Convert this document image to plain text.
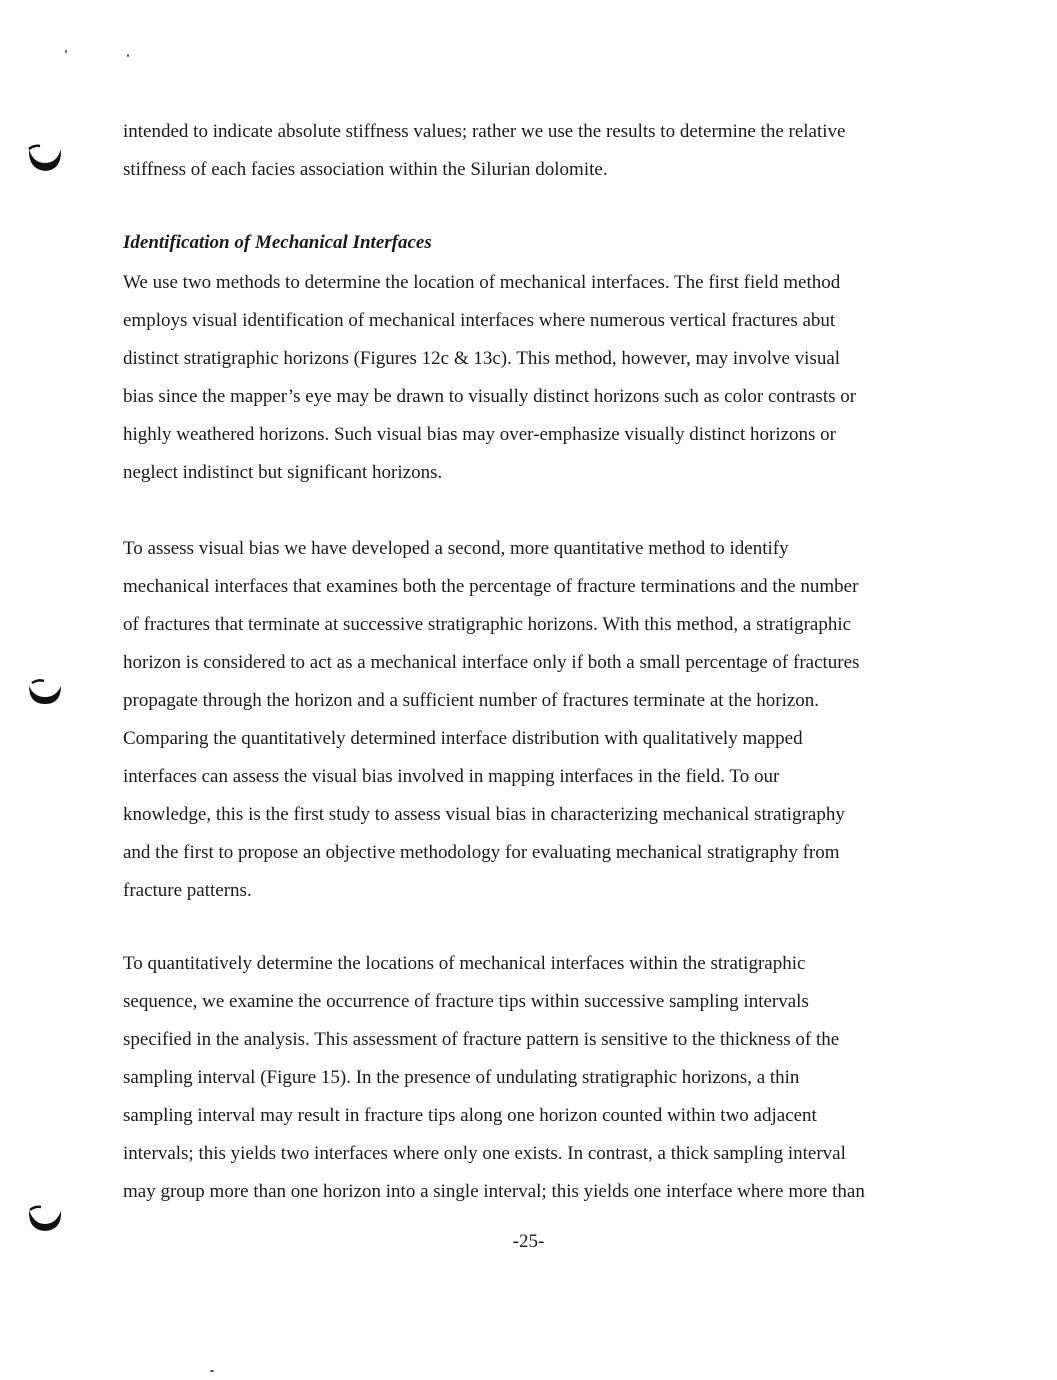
intended to indicate absolute stiffness values; rather we use the results to determine the relative
stiffness of each facies association within the Silurian dolomite.
Identification of Mechanical Interfaces
We use two methods to determine the location of mechanical interfaces. The first field method
employs visual identification of mechanical interfaces where numerous vertical fractures abut
distinct stratigraphic horizons (Figures 12c & 13c). This method, however, may involve visual
bias since the mapper’s eye may be drawn to visually distinct horizons such as color contrasts or
highly weathered horizons. Such visual bias may over-emphasize visually distinct horizons or
neglect indistinct but significant horizons.
To assess visual bias we have developed a second, more quantitative method to identify
mechanical interfaces that examines both the percentage of fracture terminations and the number
of fractures that terminate at successive stratigraphic horizons. With this method, a stratigraphic
horizon is considered to act as a mechanical interface only if both a small percentage of fractures
propagate through the horizon and a sufficient number of fractures terminate at the horizon.
Comparing the quantitatively determined interface distribution with qualitatively mapped
interfaces can assess the visual bias involved in mapping interfaces in the field. To our
knowledge, this is the first study to assess visual bias in characterizing mechanical stratigraphy
and the first to propose an objective methodology for evaluating mechanical stratigraphy from
fracture patterns.
To quantitatively determine the locations of mechanical interfaces within the stratigraphic
sequence, we examine the occurrence of fracture tips within successive sampling intervals
specified in the analysis. This assessment of fracture pattern is sensitive to the thickness of the
sampling interval (Figure 15). In the presence of undulating stratigraphic horizons, a thin
sampling interval may result in fracture tips along one horizon counted within two adjacent
intervals; this yields two interfaces where only one exists. In contrast, a thick sampling interval
may group more than one horizon into a single interval; this yields one interface where more than
-25-
